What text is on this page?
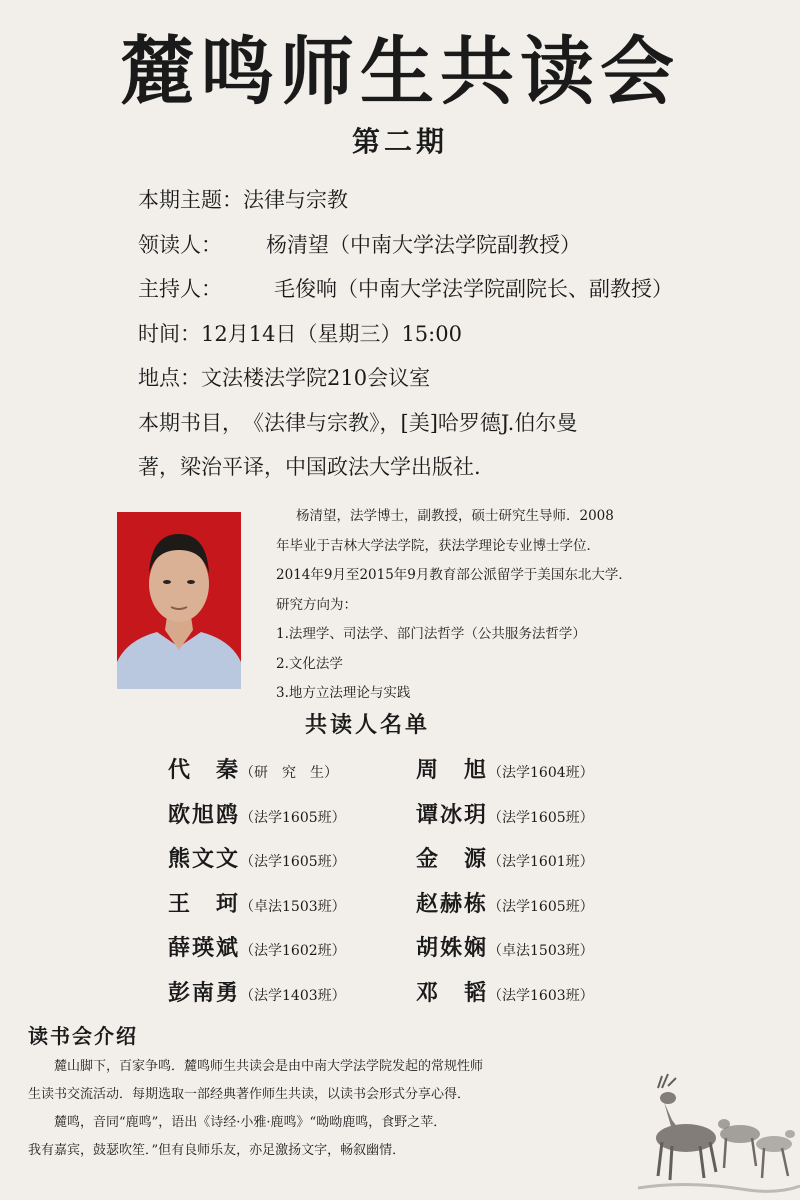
麓鸣师生共读会
第二期
本期主题：法律与宗教
领读人： 杨清望（中南大学法学院副教授）
主持人： 毛俊响（中南大学法学院副院长、副教授）
时间：12月14日（星期三）15:00
地点：文法楼法学院210会议室
本期书目，《法律与宗教》，[美]哈罗德J.伯尔曼
著，梁治平译，中国政法大学出版社.
杨清望，法学博士，副教授，硕士研究生导师．2008
年毕业于吉林大学法学院，获法学理论专业博士学位．
2014年9月至2015年9月教育部公派留学于美国东北大学．
研究方向为：
1.法理学、司法学、部门法哲学（公共服务法哲学）
2.文化法学
3.地方立法理论与实践
共读人名单
代　秦（研　究　生）	周　旭（法学1604班）
欧旭鸥（法学1605班）	谭冰玥（法学1605班）
熊文文（法学1605班）	金　源（法学1601班）
王　珂（卓法1503班）	赵赫栋（法学1605班）
薛瑛斌（法学1602班）	胡姝娴（卓法1503班）
彭南勇（法学1403班）	邓　韬（法学1603班）
读书会介绍

麓山脚下，百家争鸣．麓鸣师生共读会是由中南大学法学院发起的常规性师

生读书交流活动．每期选取一部经典著作师生共读，以读书会形式分享心得．

麓鸣，音同“鹿鸣”，语出《诗经·小雅·鹿鸣》“呦呦鹿鸣，食野之苹．

我有嘉宾，鼓瑟吹笙．”但有良师乐友，亦足激扬文字，畅叙幽情．
